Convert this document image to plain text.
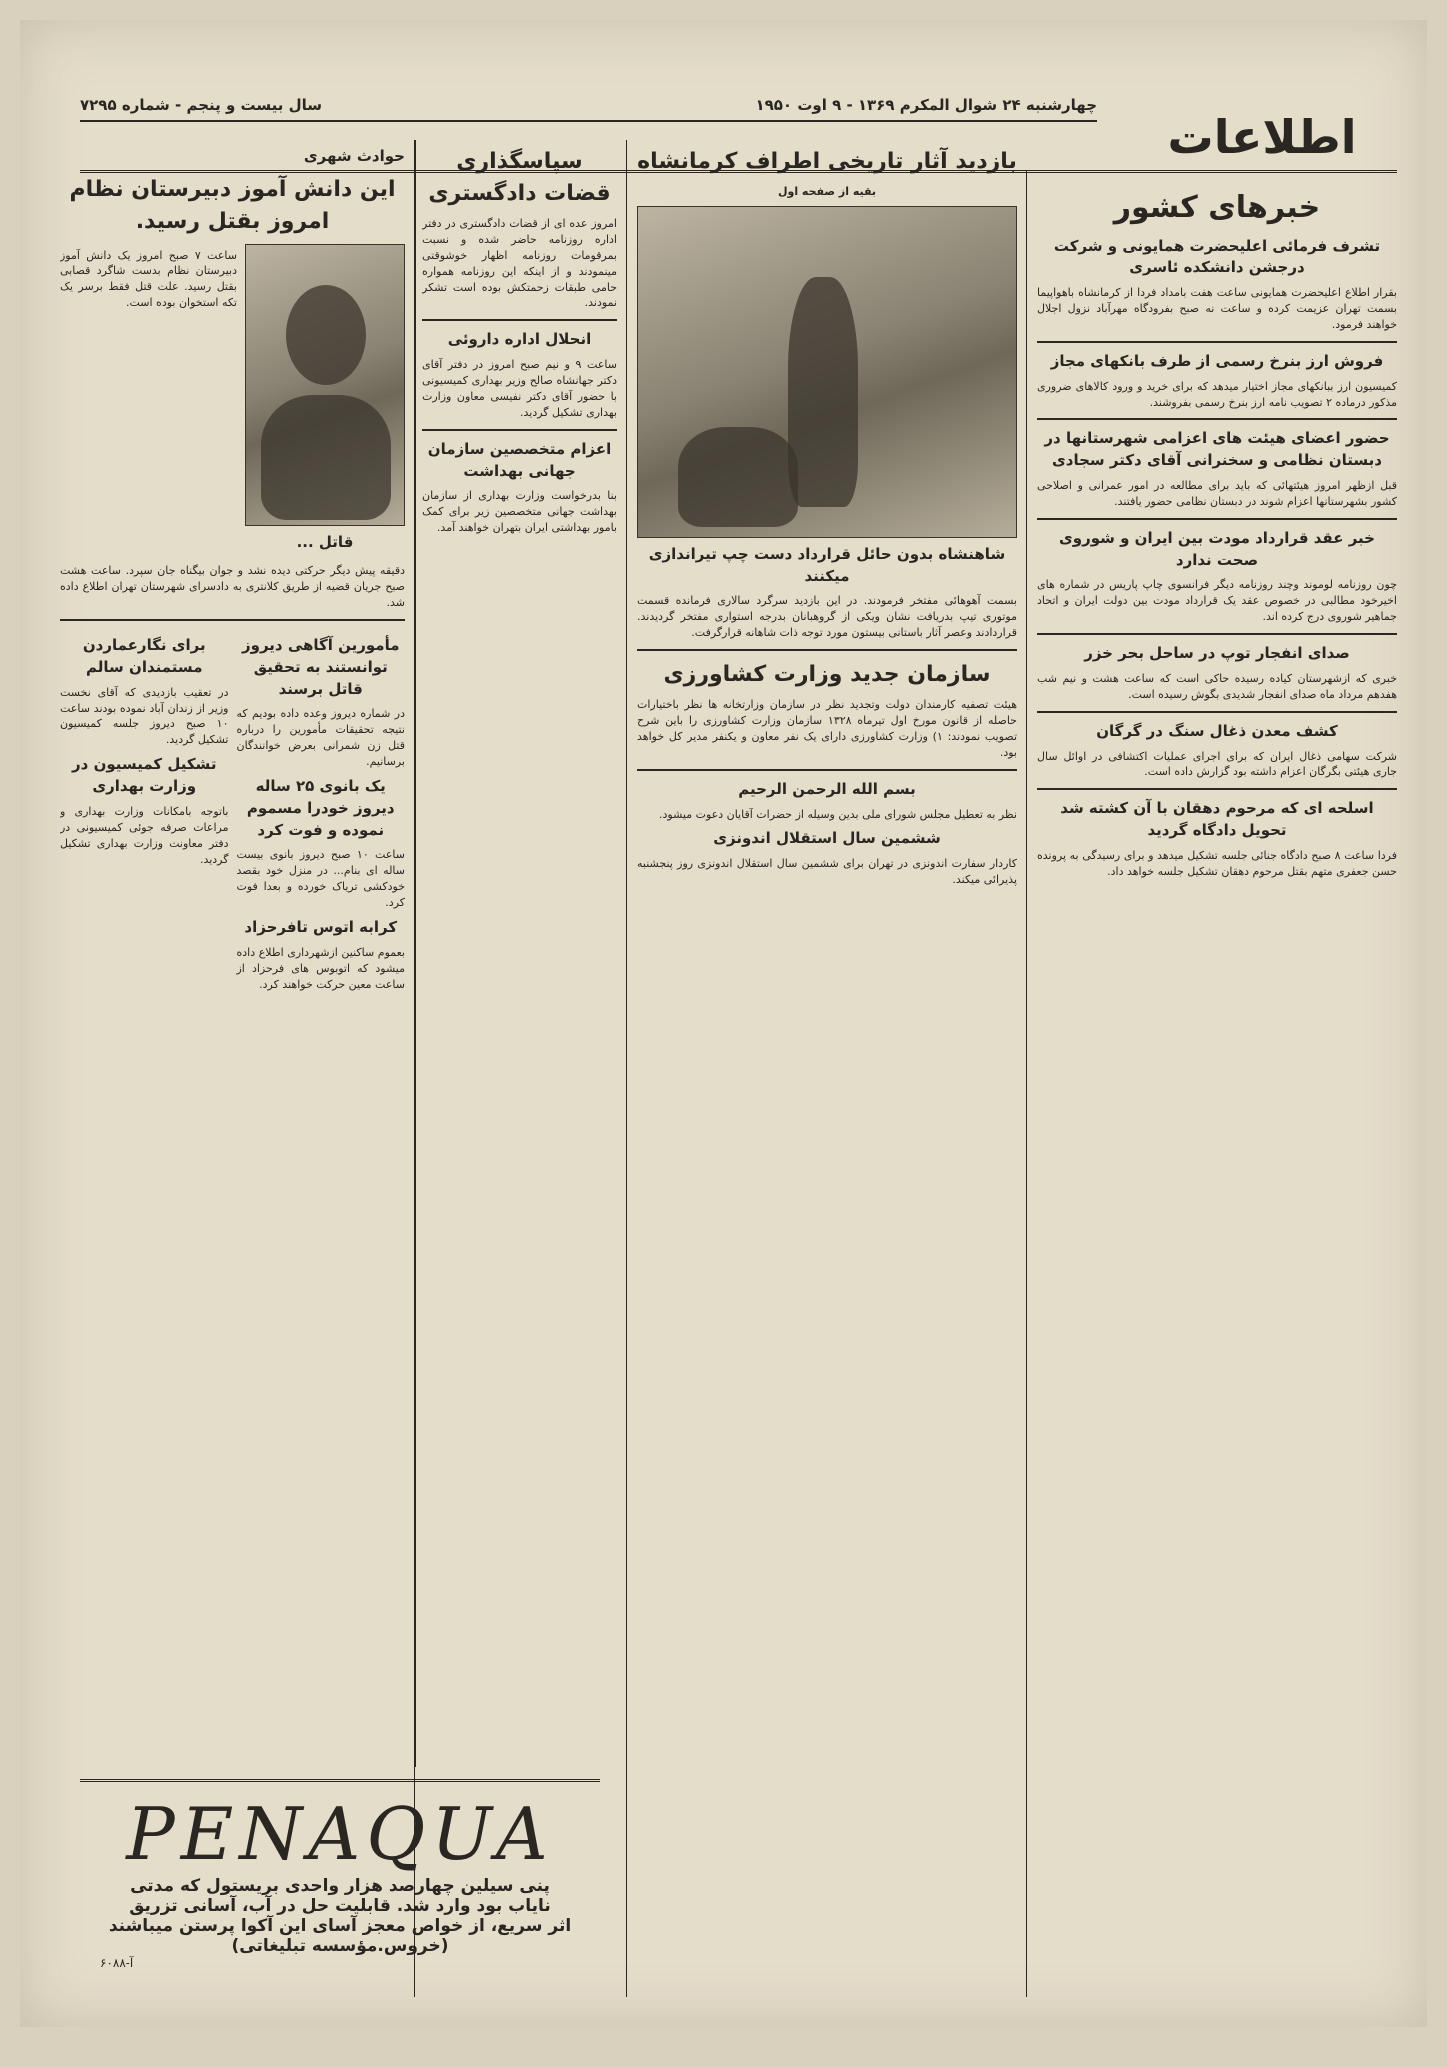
چهارشنبه ۲۴ شوال المکرم ۱۳۶۹ - ۹ اوت ۱۹۵۰
سال بیست و پنجم - شماره ۷۲۹۵
اطلاعات
خبرهای کشور
تشرف فرمائی اعلیحضرت همایونی و شرکت درجشن دانشکده ئاسری

بقرار اطلاع اعلیحضرت همایونی ساعت هفت بامداد فردا از کرمانشاه باهواپیما بسمت تهران عزیمت کرده و ساعت نه صبح بفرودگاه مهرآباد نزول اجلال خواهند فرمود.

فروش ارز بنرخ رسمی از طرف بانکهای مجاز

کمیسیون ارز ببانکهای مجاز اختیار میدهد که برای خرید و ورود کالاهای ضروری مذکور درماده ۲ تصویب نامه ارز بنرخ رسمی بفروشند.

حضور اعضای هیئت های اعزامی شهرستانها در دبستان نظامی و سخنرانی آقای دکتر سجادی

قبل ازظهر امروز هیئتهائی که باید برای مطالعه در امور عمرانی و اصلاحی کشور بشهرستانها اعزام شوند در دبستان نظامی حضور یافتند.

خبر عقد قرارداد مودت بین ایران و شوروی صحت ندارد

چون روزنامه لوموند وچند روزنامه دیگر فرانسوی چاپ پاریس در شماره های اخیرخود مطالبی در خصوص عقد یک قرارداد مودت بین دولت ایران و اتحاد جماهیر شوروی درج کرده اند.

صدای انفجار توپ در ساحل بحر خزر

خبری که ازشهرستان کیاده رسیده حاکی است که ساعت هشت و نیم شب هفدهم مرداد ماه صدای انفجار شدیدی بگوش رسیده است.

کشف معدن ذغال سنگ در گرگان

شرکت سهامی ذغال ایران که برای اجرای عملیات اکتشافی در اوائل سال جاری هیئتی بگرگان اعزام داشته بود گزارش داده است.

اسلحه ای که مرحوم دهقان با آن کشته شد تحویل دادگاه گردید

فردا ساعت ۸ صبح دادگاه جنائی جلسه تشکیل میدهد و برای رسیدگی به پرونده حسن جعفری متهم بقتل مرحوم دهقان تشکیل جلسه خواهد داد.

بازدید آثار تاریخی اطراف کرمانشاه
بقیه از صفحه اول
شاهنشاه بدون حائل قرارداد دست چپ تیراندازی میکنند

بسمت آهوهائی مفتخر فرمودند. در این بازدید سرگرد سالاری فرمانده قسمت موتوری تیپ بدریافت نشان ویکی از گروهبانان بدرجه استواری مفتخر گردیدند. قراردادند وعصر آثار باستانی بیستون مورد توجه ذات شاهانه قرارگرفت.

سازمان جدید وزارت کشاورزی

هیئت تصفیه کارمندان دولت وتجدید نظر در سازمان وزارتخانه ها نظر باختیارات حاصله از قانون مورخ اول تیرماه ۱۳۲۸ سازمان وزارت کشاورزی را باین شرح تصویب نمودند: ۱) وزارت کشاورزی دارای یک نفر معاون و یکنفر مدیر کل خواهد بود.

بسم الله الرحمن الرحیم

نظر به تعطیل مجلس شورای ملی بدین وسیله از حضرات آقایان دعوت میشود.

ششمین سال استقلال اندونزی

کاردار سفارت اندونزی در تهران برای ششمین سال استقلال اندونزی روز پنجشنبه پذیرائی میکند.

سپاسگذاری قضات دادگستری

امروز عده ای از قضات دادگستری در دفتر اداره روزنامه حاضر شده و نسبت بمرقومات روزنامه اظهار خوشوقتی مینمودند و از اینکه این روزنامه همواره حامی طبقات زحمتکش بوده است تشکر نمودند.

انحلال اداره داروئی

ساعت ۹ و نیم صبح امروز در دفتر آقای دکتر جهانشاه صالح وزیر بهداری کمیسیونی با حضور آقای دکتر نفیسی معاون وزارت بهداری تشکیل گردید.

اعزام متخصصین سازمان جهانی بهداشت

بنا بدرخواست وزارت بهداری از سازمان بهداشت جهانی متخصصین زیر برای کمک بامور بهداشتی ایران بتهران خواهند آمد.

حوادث شهری
این دانش آموز دبیرستان نظام امروز بقتل رسید.

ساعت ۷ صبح امروز یک دانش آموز دبیرستان نظام بدست شاگرد قصابی بقتل رسید. علت قتل فقط برسر یک تکه استخوان بوده است.

قاتل ...

دقیقه پیش دیگر حرکتی دیده نشد و جوان بیگناه جان سپرد. ساعت هشت صبح جریان قضیه از طریق کلانتری به دادسرای شهرستان تهران اطلاع داده شد.

برای نگارعماردن مستمندان سالم

در تعقیب بازدیدی که آقای نخست وزیر از زندان آباد نموده بودند ساعت ۱۰ صبح دیروز جلسه کمیسیون تشکیل گردید.

تشکیل کمیسیون در وزارت بهداری

باتوجه بامکانات وزارت بهداری و مراعات صرفه جوئی کمیسیونی در دفتر معاونت وزارت بهداری تشکیل گردید.

مأمورین آگاهی دیروز توانستند به تحقیق قاتل برسند

در شماره دیروز وعده داده بودیم که نتیجه تحقیقات مأمورین را درباره قتل زن شمرانی بعرض خوانندگان برسانیم.

یک بانوی ۲۵ ساله دیروز خودرا مسموم نموده و فوت کرد

ساعت ۱۰ صبح دیروز بانوی بیست ساله ای بنام... در منزل خود بقصد خودکشی تریاک خورده و بعدا فوت کرد.

کرابه اتوس تافرحزاد

بعموم ساکنین ازشهرداری اطلاع داده میشود که اتوبوس های فرحزاد از ساعت معین حرکت خواهند کرد.

PENAQUA
پنی سیلین چهارصد هزار واحدی بریستول که مدتی
نایاب بود وارد شد. قابلیت حل در آب، آسانی تزریق
اثر سریع، از خواص معجز آسای این آکوا پرستن میباشند
(خروس.مؤسسه تبلیغاتی)
آ-۶۰۸۸
